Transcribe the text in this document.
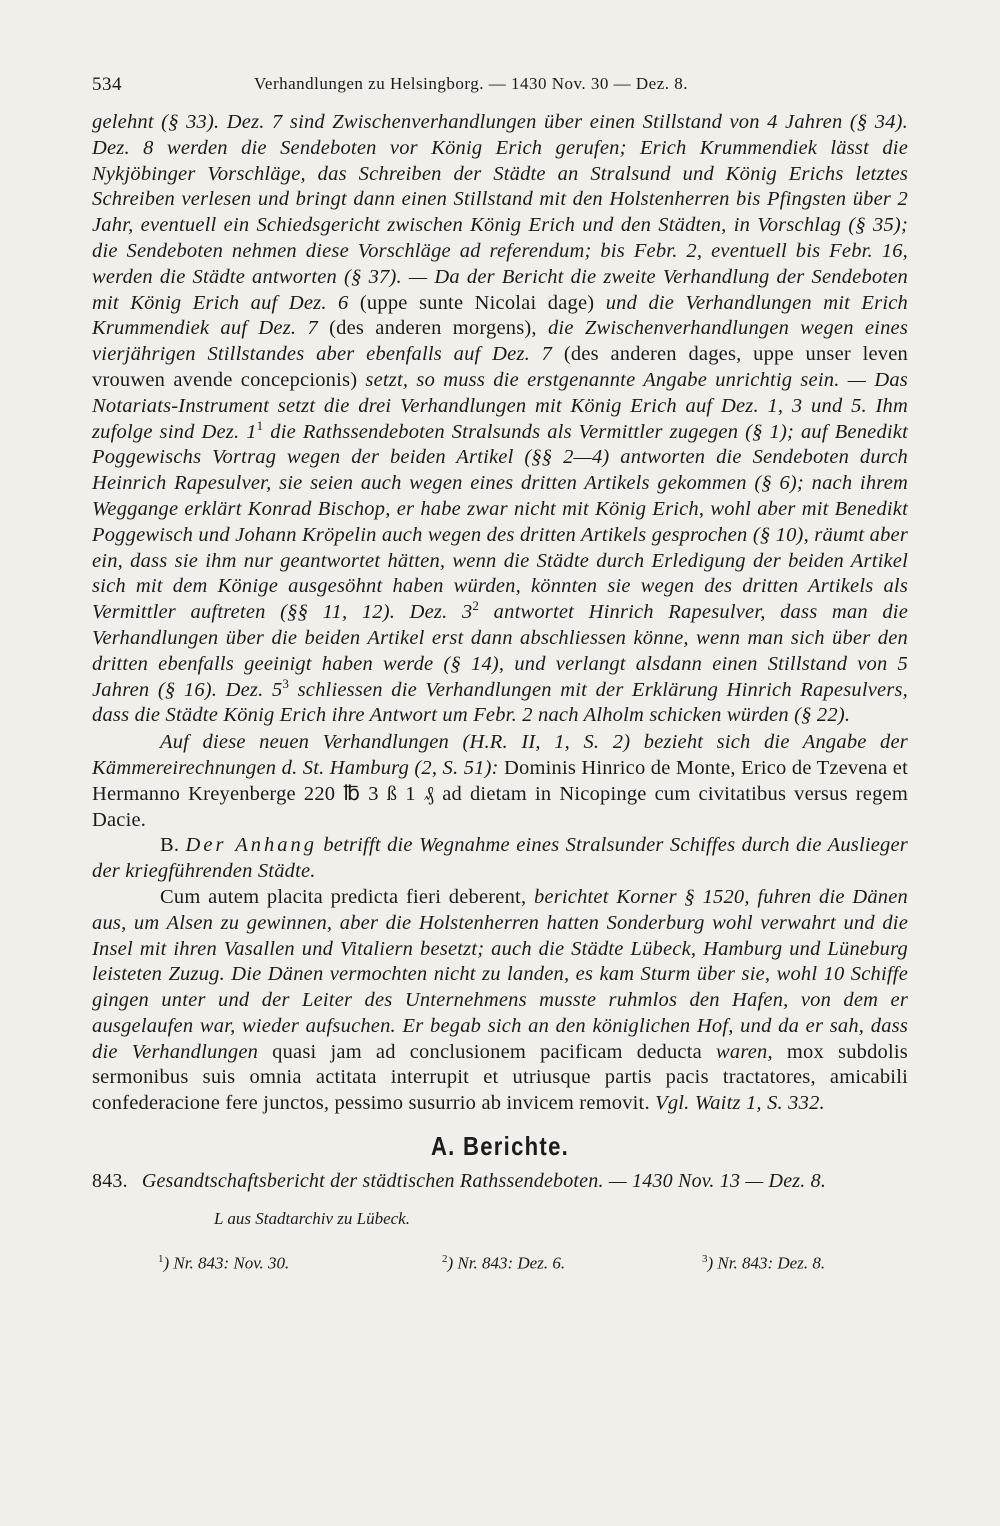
534	Verhandlungen zu Helsingborg. — 1430 Nov. 30 — Dez. 8.

gelehnt (§ 33). Dez. 7 sind Zwischenverhandlungen über einen Stillstand von 4 Jahren (§ 34). Dez. 8 werden die Sendeboten vor König Erich gerufen; Erich Krummendiek lässt die Nykjöbinger Vorschläge, das Schreiben der Städte an Stralsund und König Erichs letztes Schreiben verlesen und bringt dann einen Stillstand mit den Holstenherren bis Pfingsten über 2 Jahr, eventuell ein Schiedsgericht zwischen König Erich und den Städten, in Vorschlag (§ 35); die Sendeboten nehmen diese Vorschläge ad referendum; bis Febr. 2, eventuell bis Febr. 16, werden die Städte antworten (§ 37). — Da der Bericht die zweite Verhandlung der Sendeboten mit König Erich auf Dez. 6 (uppe sunte Nicolai dage) und die Verhandlungen mit Erich Krummendiek auf Dez. 7 (des anderen morgens), die Zwischenverhandlungen wegen eines vierjährigen Stillstandes aber ebenfalls auf Dez. 7 (des anderen dages, uppe unser leven vrouwen avende concepcionis) setzt, so muss die erstgenannte Angabe unrichtig sein. — Das Notariats-Instrument setzt die drei Verhandlungen mit König Erich auf Dez. 1, 3 und 5. Ihm zufolge sind Dez. $1^1$ die Rathssendeboten Stralsunds als Vermittler zugegen (§ 1); auf Benedikt Poggewischs Vortrag wegen der beiden Artikel (§§ 2—4) antworten die Sendeboten durch Heinrich Rapesulver, sie seien auch wegen eines dritten Artikels gekommen (§ 6); nach ihrem Weggange erklärt Konrad Bischop, er habe zwar nicht mit König Erich, wohl aber mit Benedikt Poggewisch und Johann Kröpelin auch wegen des dritten Artikels gesprochen (§ 10), räumt aber ein, dass sie ihm nur geantwortet hätten, wenn die Städte durch Erledigung der beiden Artikel sich mit dem Könige ausgesöhnt haben würden, könnten sie wegen des dritten Artikels als Vermittler auftreten (§§ 11, 12). Dez. $3^2$ antwortet Hinrich Rapesulver, dass man die Verhandlungen über die beiden Artikel erst dann abschliessen könne, wenn man sich über den dritten ebenfalls geeinigt haben werde (§ 14), und verlangt alsdann einen Stillstand von 5 Jahren (§ 16). Dez. $5^3$ schliessen die Verhandlungen mit der Erklärung Hinrich Rapesulvers, dass die Städte König Erich ihre Antwort um Febr. 2 nach Alholm schicken würden (§ 22).

Auf diese neuen Verhandlungen (H.R. II, 1, S. 2) bezieht sich die Angabe der Kämmereirechnungen d. St. Hamburg (2, S. 51): Dominis Hinrico de Monte, Erico de Tzevena et Hermanno Kreyenberge 220 ℔ 3 ß 1 ₰ ad dietam in Nicopinge cum civitatibus versus regem Dacie.

B. Der Anhang betrifft die Wegnahme eines Stralsunder Schiffes durch die Auslieger der kriegführenden Städte.

Cum autem placita predicta fieri deberent, berichtet Korner § 1520, fuhren die Dänen aus, um Alsen zu gewinnen, aber die Holstenherren hatten Sonderburg wohl verwahrt und die Insel mit ihren Vasallen und Vitaliern besetzt; auch die Städte Lübeck, Hamburg und Lüneburg leisteten Zuzug. Die Dänen vermochten nicht zu landen, es kam Sturm über sie, wohl 10 Schiffe gingen unter und der Leiter des Unternehmens musste ruhmlos den Hafen, von dem er ausgelaufen war, wieder aufsuchen. Er begab sich an den königlichen Hof, und da er sah, dass die Verhandlungen quasi jam ad conclusionem pacificam deducta waren, mox subdolis sermonibus suis omnia actitata interrupit et utriusque partis pacis tractatores, amicabili confederacione fere junctos, pessimo susurrio ab invicem removit. Vgl. Waitz 1, S. 332.

A. Berichte.
843. Gesandtschaftsbericht der städtischen Rathssendeboten. — 1430 Nov. 13 — Dez. 8.
L aus Stadtarchiv zu Lübeck.
$^1$) Nr. 843: Nov. 30.	$^2$) Nr. 843: Dez. 6.	$^3$) Nr. 843: Dez. 8.
